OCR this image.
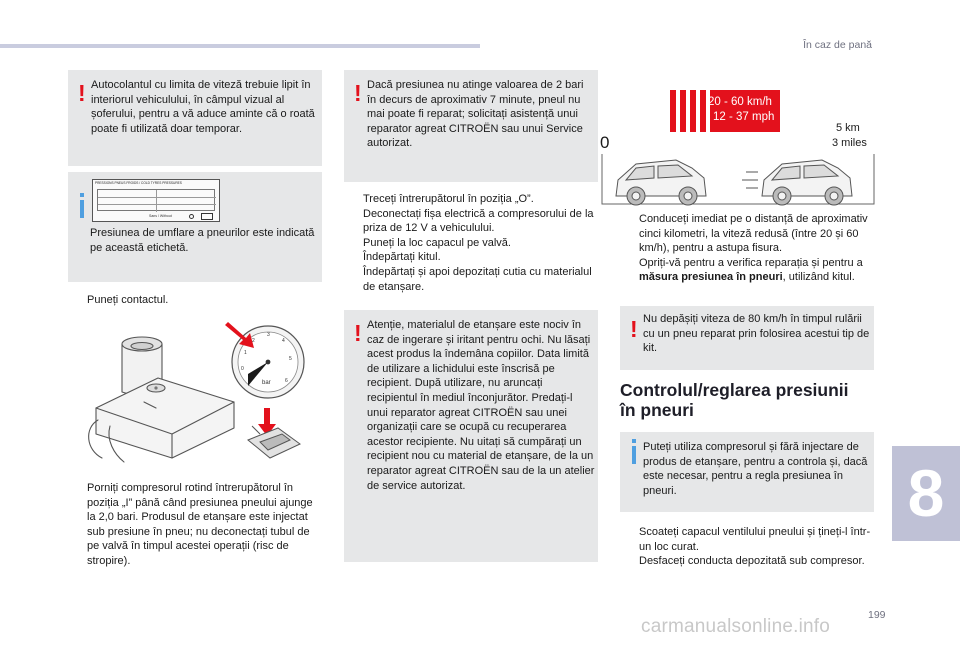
În caz de pană
8
199
carmanualsonline.info
! Autocolantul cu limita de viteză trebuie lipit în interiorul vehiculului, în câmpul vizual al șoferului, pentru a vă aduce aminte că o roată poate fi utilizată doar temporar.

PRESSIONS PNEUS FROIDS / COLD TYRES PRESSURES
Sans / Without

Presiunea de umflare a pneurilor este indicată pe această etichetă.

Puneți contactul.
0
1
2
3
4
5
6
bar
Porniți compresorul rotind întrerupătorul în poziția „I” până când presiunea pneului ajunge la 2,0 bari. Produsul de etanșare este injectat sub presiune în pneu; nu deconectați tubul de pe valvă în timpul acestei operații (risc de stropire).
! Dacă presiunea nu atinge valoarea de 2 bari în decurs de aproximativ 7 minute, pneul nu mai poate fi reparat; solicitați asistență unui reparator agreat CITROËN sau unui Service autorizat.

Treceți întrerupătorul în poziția „O”.
Deconectați fișa electrică a compresorului de la priza de 12 V a vehiculului.
Puneți la loc capacul pe valvă.
Îndepărtați kitul.
Îndepărtați și apoi depozitați cutia cu materialul de etanșare.
! Atenție, materialul de etanșare este nociv în caz de ingerare și iritant pentru ochi. Nu lăsați acest produs la îndemâna copiilor. Data limită de utilizare a lichidului este înscrisă pe recipient. După utilizare, nu aruncați recipientul în mediul înconjurător. Predați-l unui reparator agreat CITROËN sau unei organizații care se ocupă cu recuperarea acestor recipiente. Nu uitați să cumpărați un recipient nou cu material de etanșare, de la un reparator agreat CITROËN sau de la un atelier de service autorizat.

20 - 60 km/h
12 - 37 mph
0
5 km
3 miles
Conduceți imediat pe o distanță de aproximativ cinci kilometri, la viteză redusă (între 20 și 60 km/h), pentru a astupa fisura.
Opriți-vă pentru a verifica reparația și pentru a măsura presiunea în pneuri, utilizând kitul.
! Nu depășiți viteza de 80 km/h în timpul rulării cu un pneu reparat prin folosirea acestui tip de kit.

Controlul/reglarea presiunii
în pneuri

Puteți utiliza compresorul și fără injectare de produs de etanșare, pentru a controla și, dacă este necesar, pentru a regla presiunea în pneuri.

Scoateți capacul ventilului pneului și țineți-l într-un loc curat.
Desfaceți conducta depozitată sub compresor.
